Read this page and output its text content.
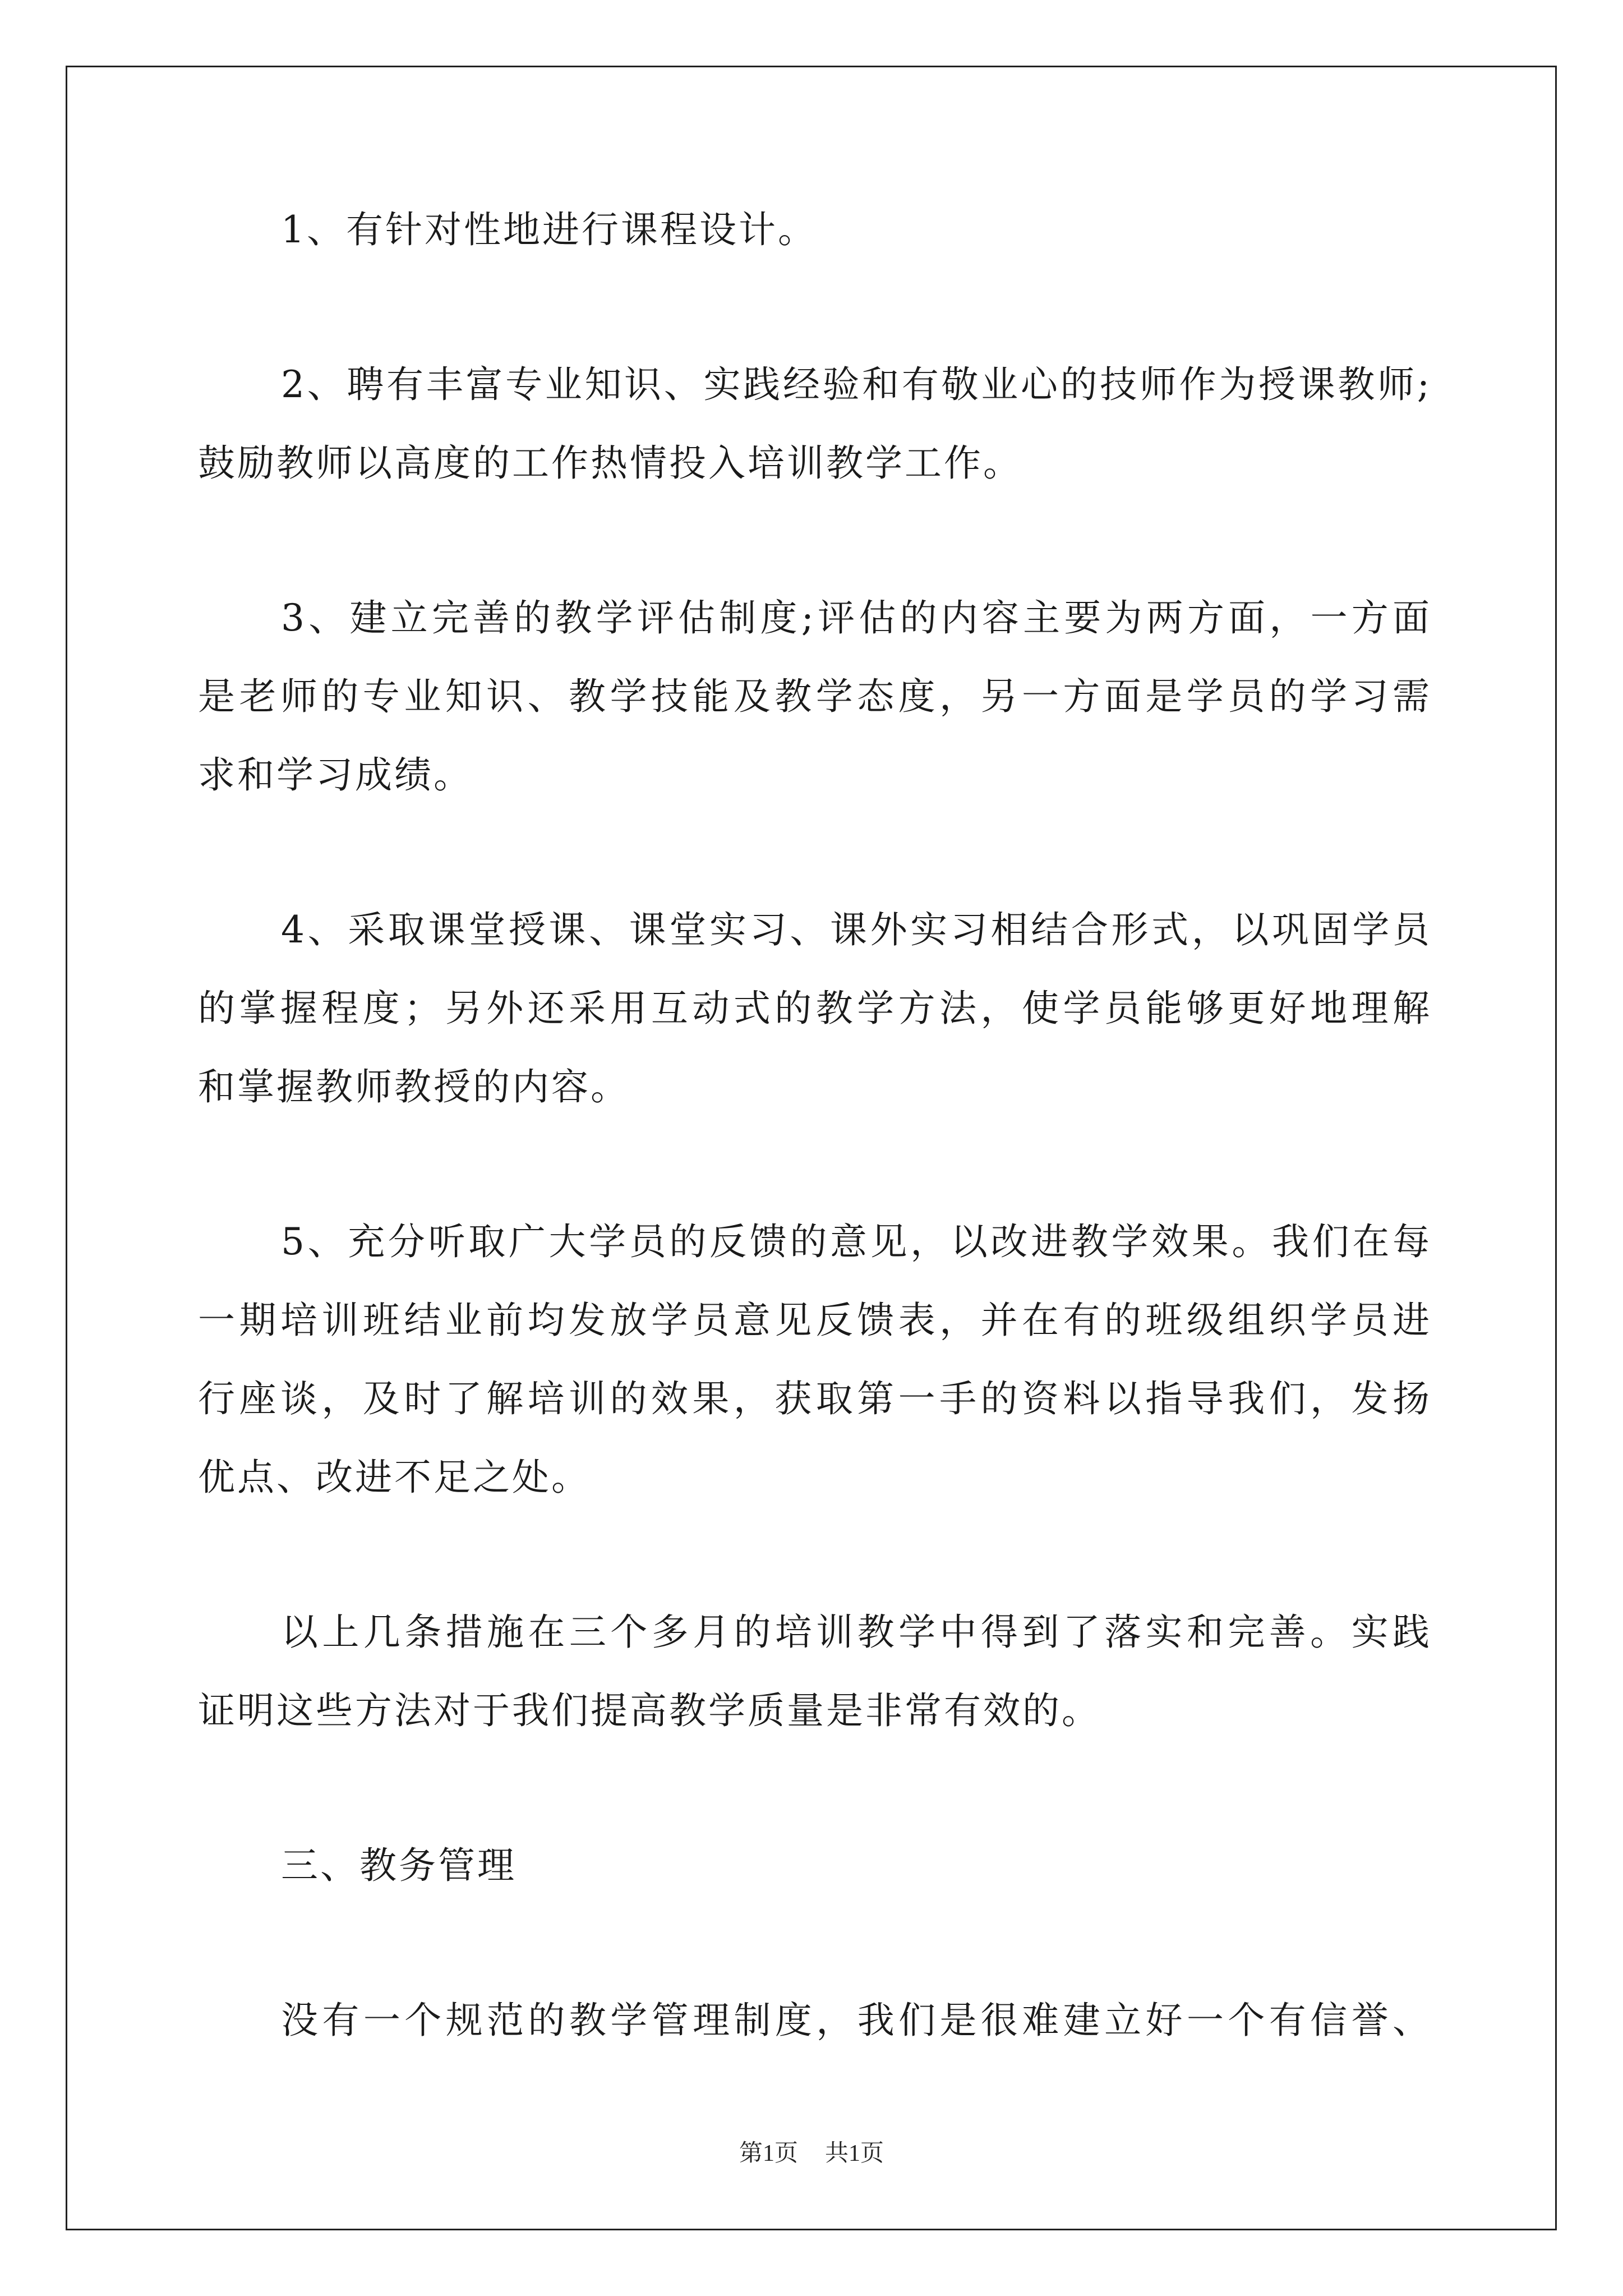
1、有针对性地进行课程设计。
2、聘有丰富专业知识、实践经验和有敬业心的技师作为授课教师;
鼓励教师以高度的工作热情投入培训教学工作。
3、建立完善的教学评估制度;评估的内容主要为两方面，一方面
是老师的专业知识、教学技能及教学态度，另一方面是学员的学习需
求和学习成绩。
4、采取课堂授课、课堂实习、课外实习相结合形式，以巩固学员
的掌握程度；另外还采用互动式的教学方法，使学员能够更好地理解
和掌握教师教授的内容。
5、充分听取广大学员的反馈的意见，以改进教学效果。我们在每
一期培训班结业前均发放学员意见反馈表，并在有的班级组织学员进
行座谈，及时了解培训的效果，获取第一手的资料以指导我们，发扬
优点、改进不足之处。
以上几条措施在三个多月的培训教学中得到了落实和完善。实践
证明这些方法对于我们提高教学质量是非常有效的。
三、教务管理
没有一个规范的教学管理制度，我们是很难建立好一个有信誉、
第1页 共1页
